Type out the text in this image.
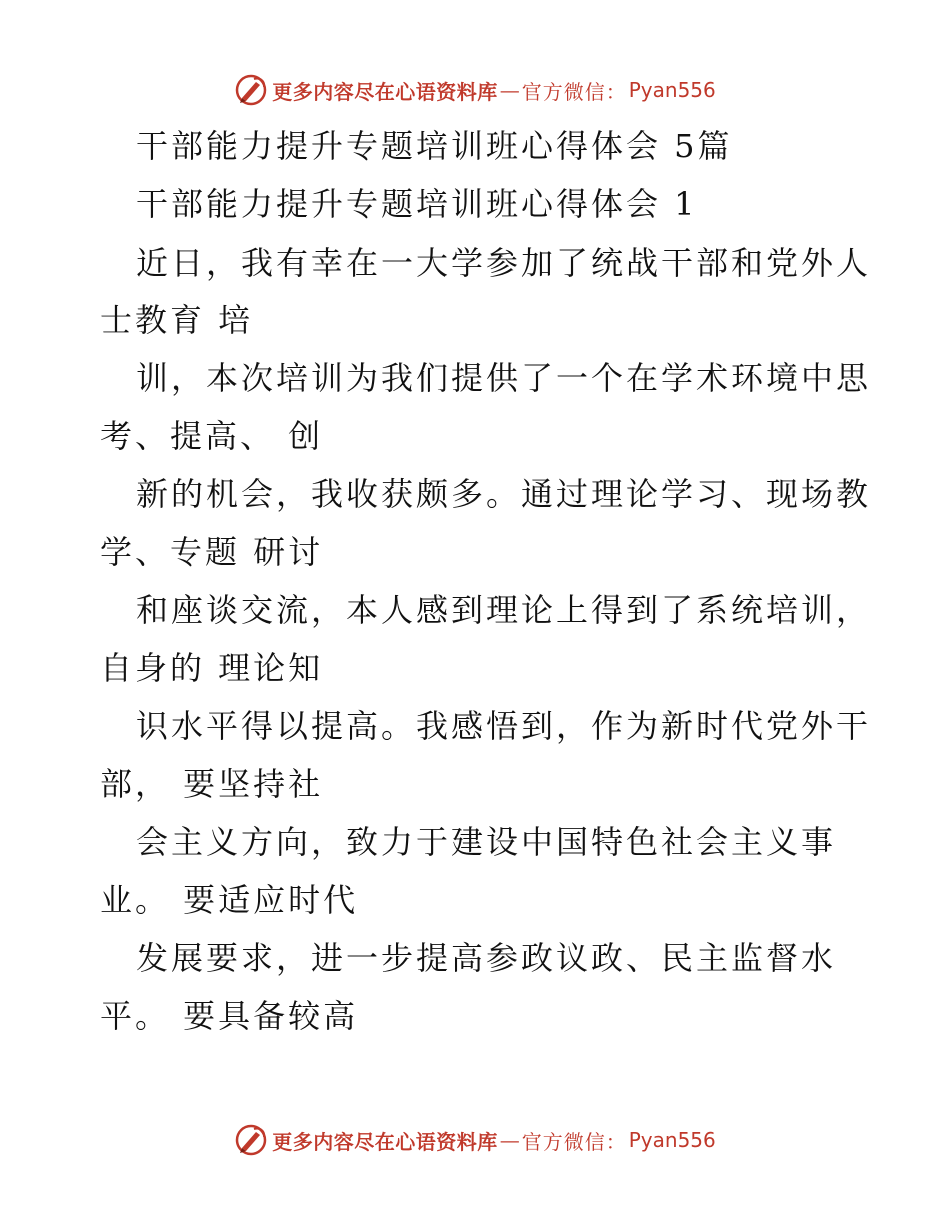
更多内容尽在心语资料库 — 官方微信： Pyan556
干部能力提升专题培训班心得体会 5篇
干部能力提升专题培训班心得体会 1
近日，我有幸在一大学参加了统战干部和党外人
士教育 培
训，本次培训为我们提供了一个在学术环境中思
考、提高、 创
新的机会，我收获颇多。通过理论学习、现场教
学、专题 研讨
和座谈交流，本人感到理论上得到了系统培训，
自身的 理论知
识水平得以提高。我感悟到，作为新时代党外干
部， 要坚持社
会主义方向，致力于建设中国特色社会主义事
业。 要适应时代
发展要求，进一步提高参政议政、民主监督水
平。 要具备较高
更多内容尽在心语资料库 — 官方微信： Pyan556
